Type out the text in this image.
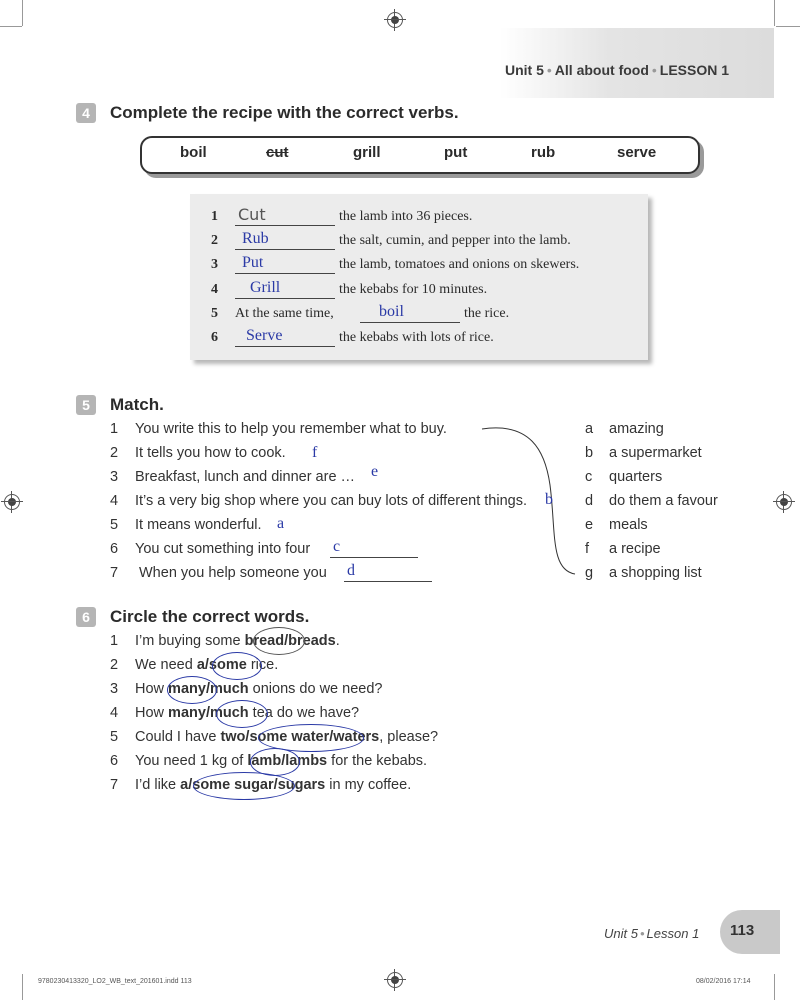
Unit 5 • All about food • LESSON 1
4	Complete the recipe with the correct verbs.
boil	cut	grill	put	rub	serve
1 Cut	the lamb into 36 pieces.
2 Rub	the salt, cumin, and pepper into the lamb.
3 Put	the lamb, tomatoes and onions on skewers.
4 Grill	the kebabs for 10 minutes.
5 At the same time,	boil	the rice.
6 Serve	the kebabs with lots of rice.
5	Match.
1 You write this to help you remember what to buy.
2 It tells you how to cook. f
3 Breakfast, lunch and dinner are … e
4 It’s a very big shop where you can buy lots of different things. b
5 It means wonderful. a
6 You cut something into four c
7 When you help someone you d
a amazing
b a supermarket
c quarters
d do them a favour
e meals
f a recipe
g a shopping list
6	Circle the correct words.
1 I’m buying some bread/breads.
2 We need a/some rice.
3 How many/much onions do we need?
4 How many/much tea do we have?
5 Could I have two/some water/waters, please?
6 You need 1 kg of lamb/lambs for the kebabs.
7 I’d like a/some sugar/sugars in my coffee.
Unit 5 • Lesson 1 113
9780230413320_LO2_WB_text_201601.indd 113	08/02/2016 17:14
